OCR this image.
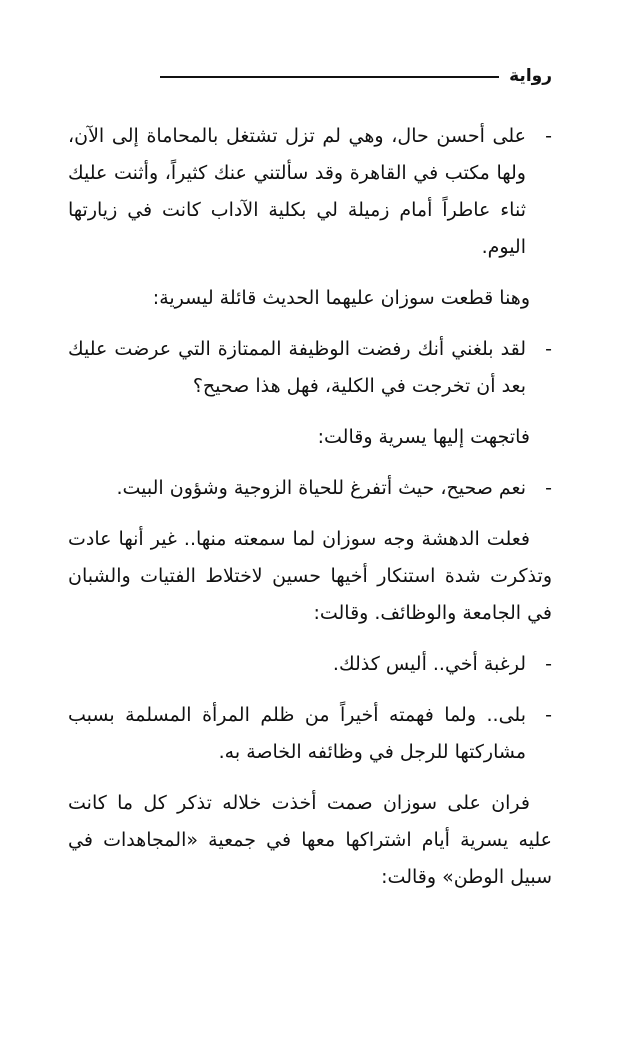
رواية
-
على أحسن حال، وهي لم تزل تشتغل بالمحاماة إلى الآن، ولها مكتب في القاهرة وقد سألتني عنك كثيراً، وأثنت عليك ثناء عاطراً أمام زميلة لي بكلية الآداب كانت في زيارتها اليوم.
وهنا قطعت سوزان عليهما الحديث قائلة ليسرية:
-
لقد بلغني أنك رفضت الوظيفة الممتازة التي عرضت عليك بعد أن تخرجت في الكلية، فهل هذا صحيح؟
فاتجهت إليها يسرية وقالت:
-
نعم صحيح، حيث أتفرغ للحياة الزوجية وشؤون البيت.
فعلت الدهشة وجه سوزان لما سمعته منها.. غير أنها عادت وتذكرت شدة استنكار أخيها حسين لاختلاط الفتيات والشبان في الجامعة والوظائف. وقالت:
-
لرغبة أخي.. أليس كذلك.
-
بلى.. ولما فهمته أخيراً من ظلم المرأة المسلمة بسبب مشاركتها للرجل في وظائفه الخاصة به.
فران على سوزان صمت أخذت خلاله تذكر كل ما كانت عليه يسرية أيام اشتراكها معها في جمعية «المجاهدات في سبيل الوطن» وقالت:
